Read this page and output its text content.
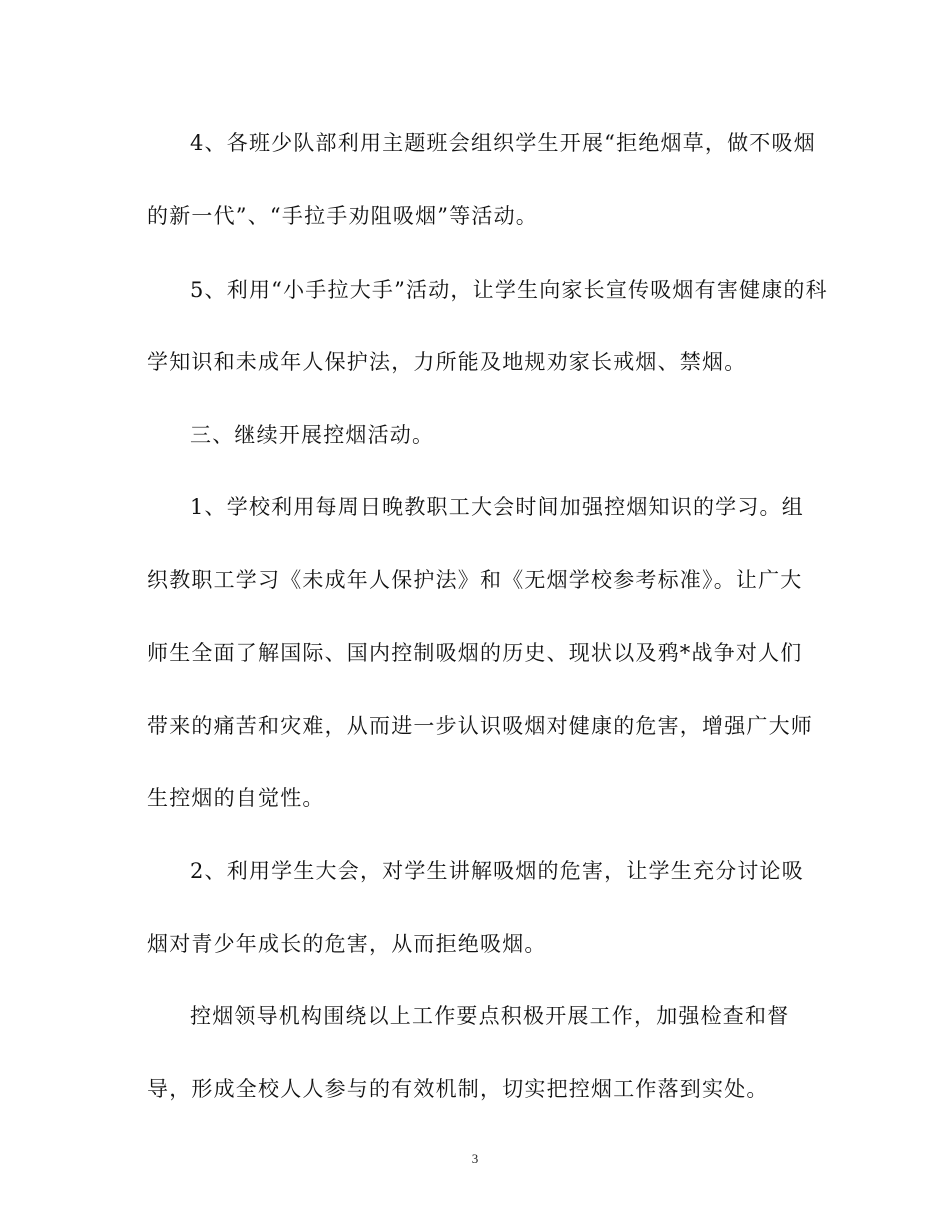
4、各班少队部利用主题班会组织学生开展“拒绝烟草，做不吸烟
的新一代”、“手拉手劝阻吸烟”等活动。
5、利用“小手拉大手”活动，让学生向家长宣传吸烟有害健康的科
学知识和未成年人保护法，力所能及地规劝家长戒烟、禁烟。
三、继续开展控烟活动。
1、学校利用每周日晚教职工大会时间加强控烟知识的学习。组
织教职工学习《未成年人保护法》和《无烟学校参考标准》。让广大
师生全面了解国际、国内控制吸烟的历史、现状以及鸦*战争对人们
带来的痛苦和灾难，从而进一步认识吸烟对健康的危害，增强广大师
生控烟的自觉性。
2、利用学生大会，对学生讲解吸烟的危害，让学生充分讨论吸
烟对青少年成长的危害，从而拒绝吸烟。
控烟领导机构围绕以上工作要点积极开展工作，加强检查和督
导，形成全校人人参与的有效机制，切实把控烟工作落到实处。
3
